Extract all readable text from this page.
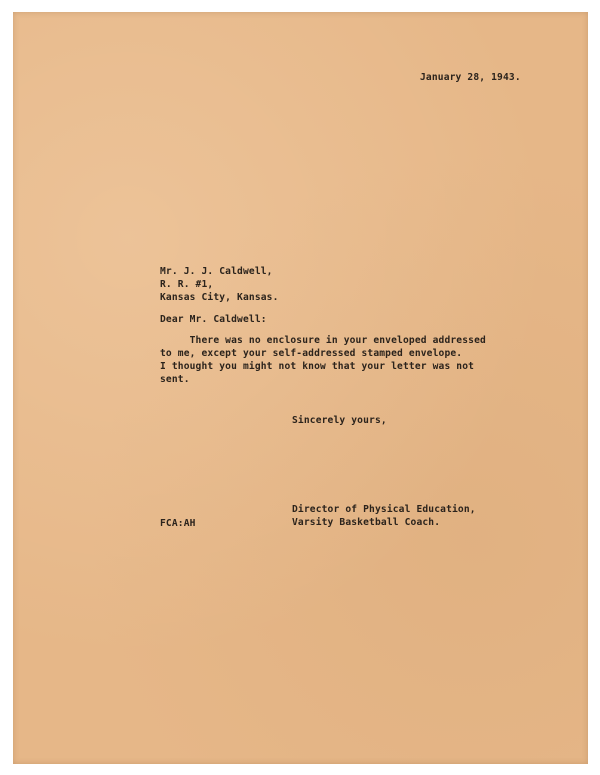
January 28, 1943.
Mr. J. J. Caldwell,
R. R. #1,
Kansas City, Kansas.
Dear Mr. Caldwell:
There was no enclosure in your enveloped addressed
to me, except your self-addressed stamped envelope.
I thought you might not know that your letter was not
sent.
Sincerely yours,
Director of Physical Education,
Varsity Basketball Coach.
FCA:AH
